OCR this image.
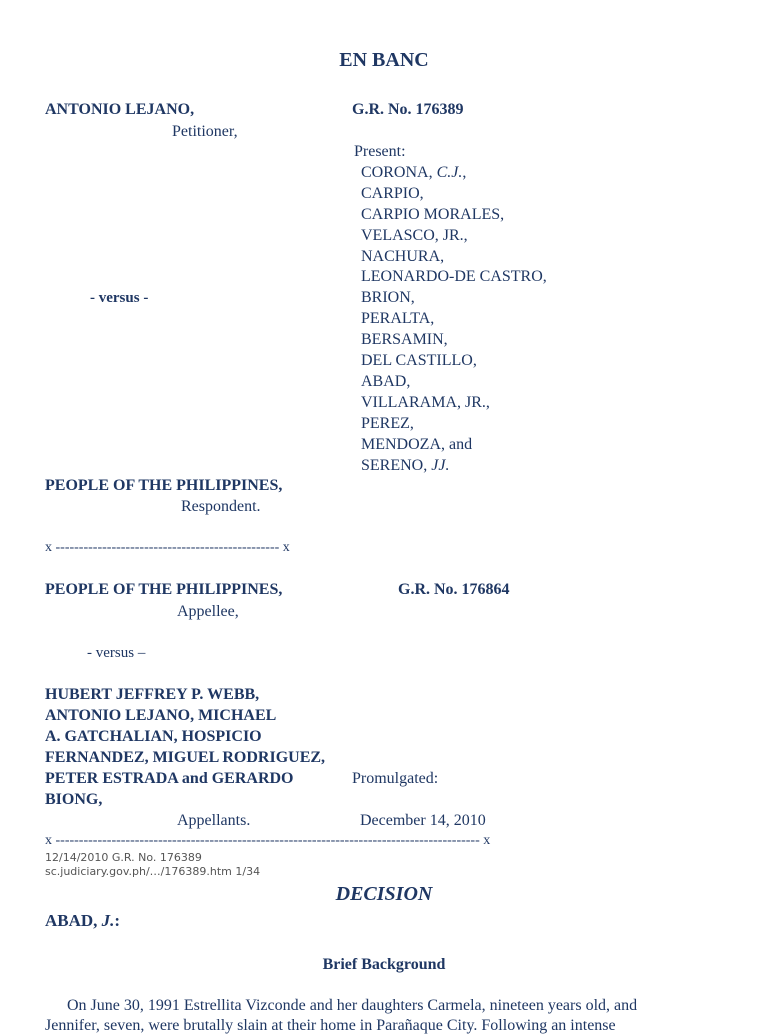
EN BANC
ANTONIO LEJANO,	G.R. No. 176389
Petitioner,
Present:
CORONA, C.J.,
CARPIO,
CARPIO MORALES,
VELASCO, JR.,
NACHURA,
LEONARDO-DE CASTRO,
BRION,
PERALTA,
BERSAMIN,
DEL CASTILLO,
ABAD,
VILLARAMA, JR.,
PEREZ,
MENDOZA, and
SERENO, JJ.
- versus -
PEOPLE OF THE PHILIPPINES,
Respondent.
x ------------------------------------------------ x
PEOPLE OF THE PHILIPPINES,	G.R. No. 176864
Appellee,
- versus –
HUBERT JEFFREY P. WEBB,
ANTONIO LEJANO, MICHAEL
A. GATCHALIAN, HOSPICIO
FERNANDEZ, MIGUEL RODRIGUEZ,
PETER ESTRADA and GERARDO
BIONG,
Promulgated:
Appellants.	December 14, 2010
x ------------------------------------------------------------------------------------------- x
12/14/2010 G.R. No. 176389
sc.judiciary.gov.ph/…/176389.htm 1/34
DECISION
ABAD, J.:
Brief Background
On June 30, 1991 Estrellita Vizconde and her daughters Carmela, nineteen years old, and
Jennifer, seven, were brutally slain at their home in Parañaque City. Following an intense
